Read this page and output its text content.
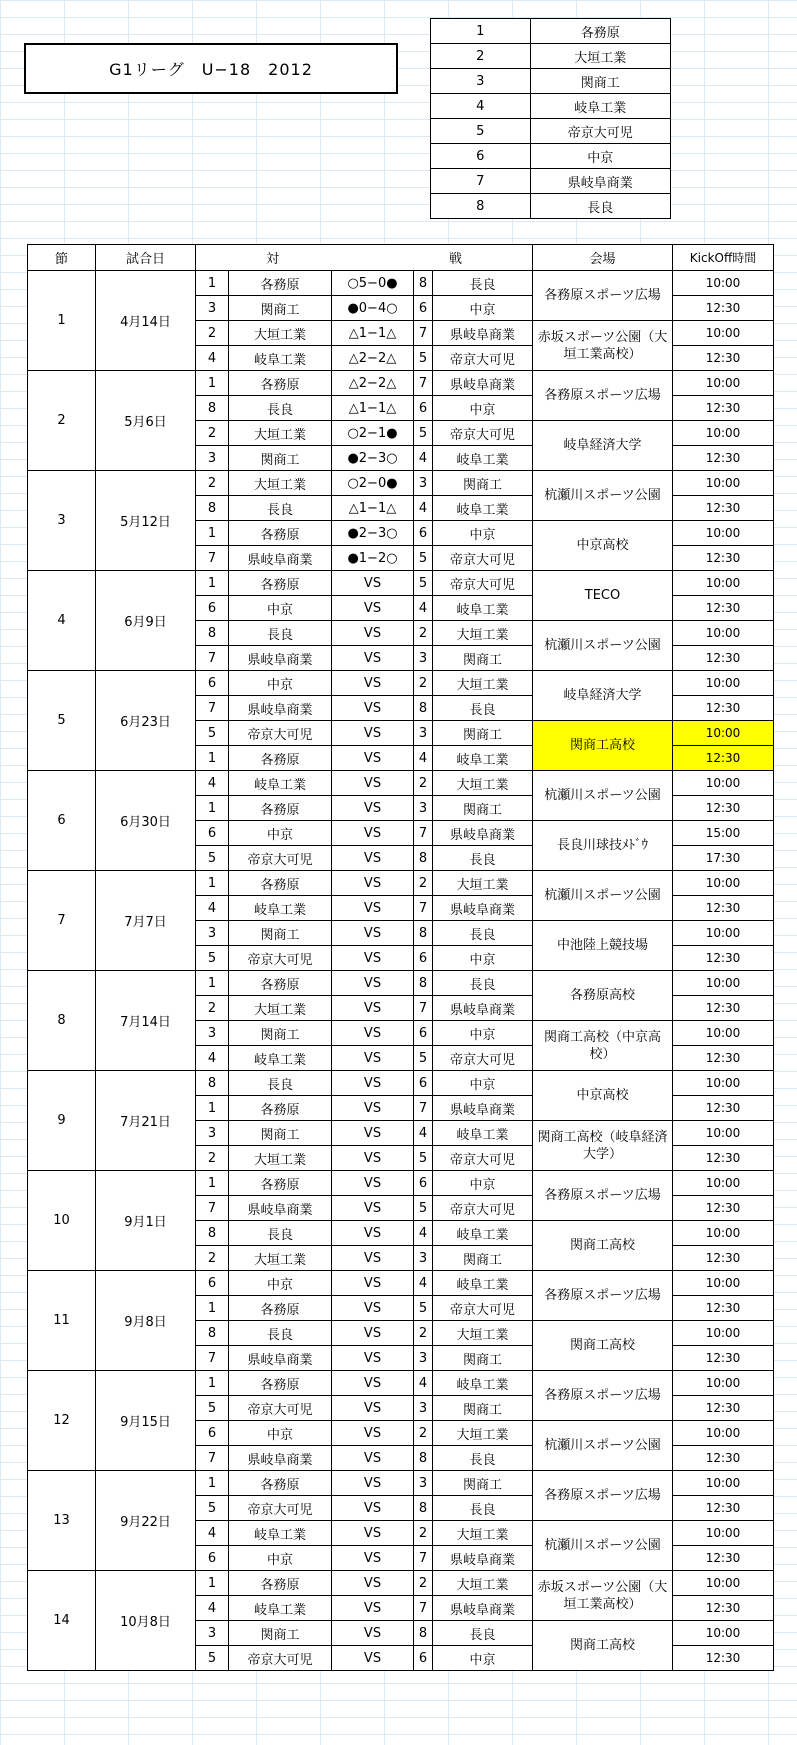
G1リーグ　U−18　2012
1	各務原
2	大垣工業
3	関商工
4	岐阜工業
5	帝京大可児
6	中京
7	県岐阜商業
8	長良
節	試合日	対 戦					会場	KickOff時間
1	4月14日	1	各務原	○5−0●	8	長良	各務原スポーツ広場	10:00
		3	関商工	●0−4○	6	中京		12:30
		2	大垣工業	△1−1△	7	県岐阜商業	赤坂スポーツ公園（大垣工業高校）	10:00
		4	岐阜工業	△2−2△	5	帝京大可児		12:30
2	5月6日	1	各務原	△2−2△	7	県岐阜商業	各務原スポーツ広場	10:00
		8	長良	△1−1△	6	中京		12:30
		2	大垣工業	○2−1●	5	帝京大可児	岐阜経済大学	10:00
		3	関商工	●2−3○	4	岐阜工業		12:30
3	5月12日	2	大垣工業	○2−0●	3	関商工	杭瀬川スポーツ公園	10:00
		8	長良	△1−1△	4	岐阜工業		12:30
		1	各務原	●2−3○	6	中京	中京高校	10:00
		7	県岐阜商業	●1−2○	5	帝京大可児		12:30
4	6月9日	1	各務原	VS	5	帝京大可児	TECO	10:00
		6	中京	VS	4	岐阜工業		12:30
		8	長良	VS	2	大垣工業	杭瀬川スポーツ公園	10:00
		7	県岐阜商業	VS	3	関商工		12:30
5	6月23日	6	中京	VS	2	大垣工業	岐阜経済大学	10:00
		7	県岐阜商業	VS	8	長良		12:30
		5	帝京大可児	VS	3	関商工	関商工高校	10:00
		1	各務原	VS	4	岐阜工業		12:30
6	6月30日	4	岐阜工業	VS	2	大垣工業	杭瀬川スポーツ公園	10:00
		1	各務原	VS	3	関商工		12:30
		6	中京	VS	7	県岐阜商業	長良川球技ﾒﾄﾞｳ	15:00
		5	帝京大可児	VS	8	長良		17:30
7	7月7日	1	各務原	VS	2	大垣工業	杭瀬川スポーツ公園	10:00
		4	岐阜工業	VS	7	県岐阜商業		12:30
		3	関商工	VS	8	長良	中池陸上競技場	10:00
		5	帝京大可児	VS	6	中京		12:30
8	7月14日	1	各務原	VS	8	長良	各務原高校	10:00
		2	大垣工業	VS	7	県岐阜商業		12:30
		3	関商工	VS	6	中京	関商工高校（中京高校）	10:00
		4	岐阜工業	VS	5	帝京大可児		12:30
9	7月21日	8	長良	VS	6	中京	中京高校	10:00
		1	各務原	VS	7	県岐阜商業		12:30
		3	関商工	VS	4	岐阜工業	関商工高校（岐阜経済大学）	10:00
		2	大垣工業	VS	5	帝京大可児		12:30
10	9月1日	1	各務原	VS	6	中京	各務原スポーツ広場	10:00
		7	県岐阜商業	VS	5	帝京大可児		12:30
		8	長良	VS	4	岐阜工業	関商工高校	10:00
		2	大垣工業	VS	3	関商工		12:30
11	9月8日	6	中京	VS	4	岐阜工業	各務原スポーツ広場	10:00
		1	各務原	VS	5	帝京大可児		12:30
		8	長良	VS	2	大垣工業	関商工高校	10:00
		7	県岐阜商業	VS	3	関商工		12:30
12	9月15日	1	各務原	VS	4	岐阜工業	各務原スポーツ広場	10:00
		5	帝京大可児	VS	3	関商工		12:30
		6	中京	VS	2	大垣工業	杭瀬川スポーツ公園	10:00
		7	県岐阜商業	VS	8	長良		12:30
13	9月22日	1	各務原	VS	3	関商工	各務原スポーツ広場	10:00
		5	帝京大可児	VS	8	長良		12:30
		4	岐阜工業	VS	2	大垣工業	杭瀬川スポーツ公園	10:00
		6	中京	VS	7	県岐阜商業		12:30
14	10月8日	1	各務原	VS	2	大垣工業	赤坂スポーツ公園（大垣工業高校）	10:00
		4	岐阜工業	VS	7	県岐阜商業		12:30
		3	関商工	VS	8	長良	関商工高校	10:00
		5	帝京大可児	VS	6	中京		12:30
